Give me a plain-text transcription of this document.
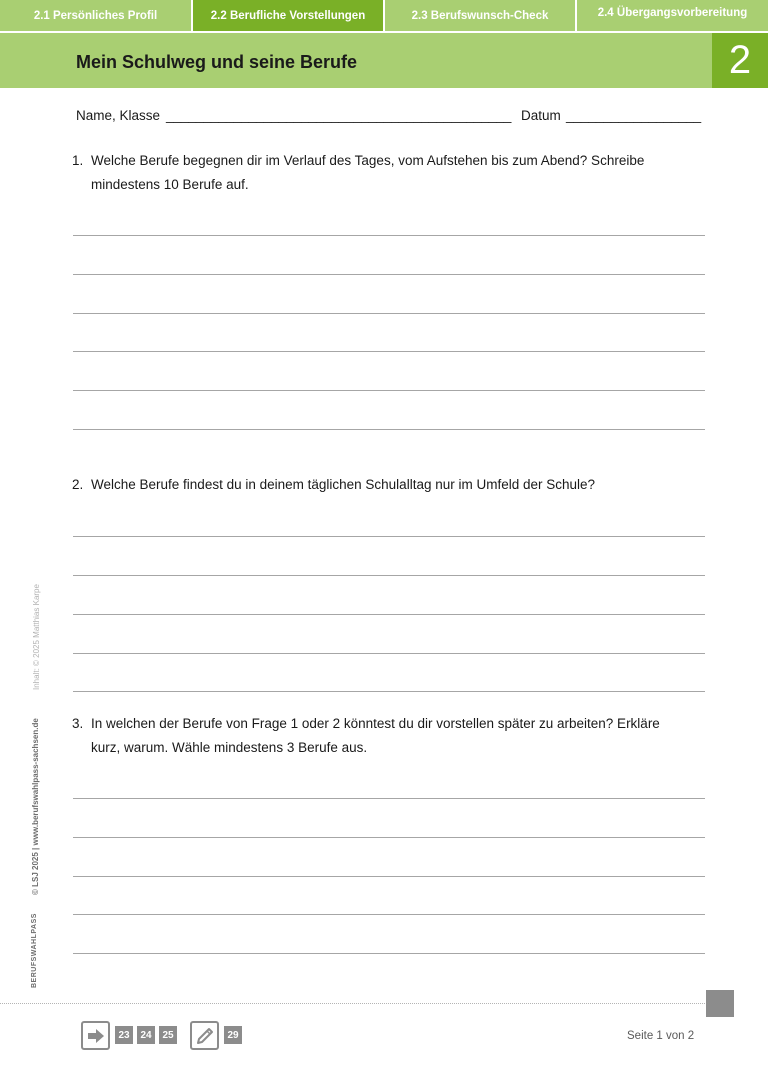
2.1 Persönliches Profil	2.2 Berufliche Vorstellungen	2.3 Berufswunsch-Check	2.4 Übergangsvorbereitung
Mein Schulweg und seine Berufe	2
Name, Klasse ______________________________________________ Datum __________________
1. Welche Berufe begegnen dir im Verlauf des Tages, vom Aufstehen bis zum Abend? Schreibe mindestens 10 Berufe auf.
2. Welche Berufe findest du in deinem täglichen Schulalltag nur im Umfeld der Schule?
3. In welchen der Berufe von Frage 1 oder 2 könntest du dir vorstellen später zu arbeiten? Erkläre kurz, warum. Wähle mindestens 3 Berufe aus.
Inhalt: © 2025 Matthias Karpe
© LSJ 2025 | www.berufswahlpass-sachsen.de
BERUFSWAHLPASS
23	24	25	29	Seite 1 von 2
